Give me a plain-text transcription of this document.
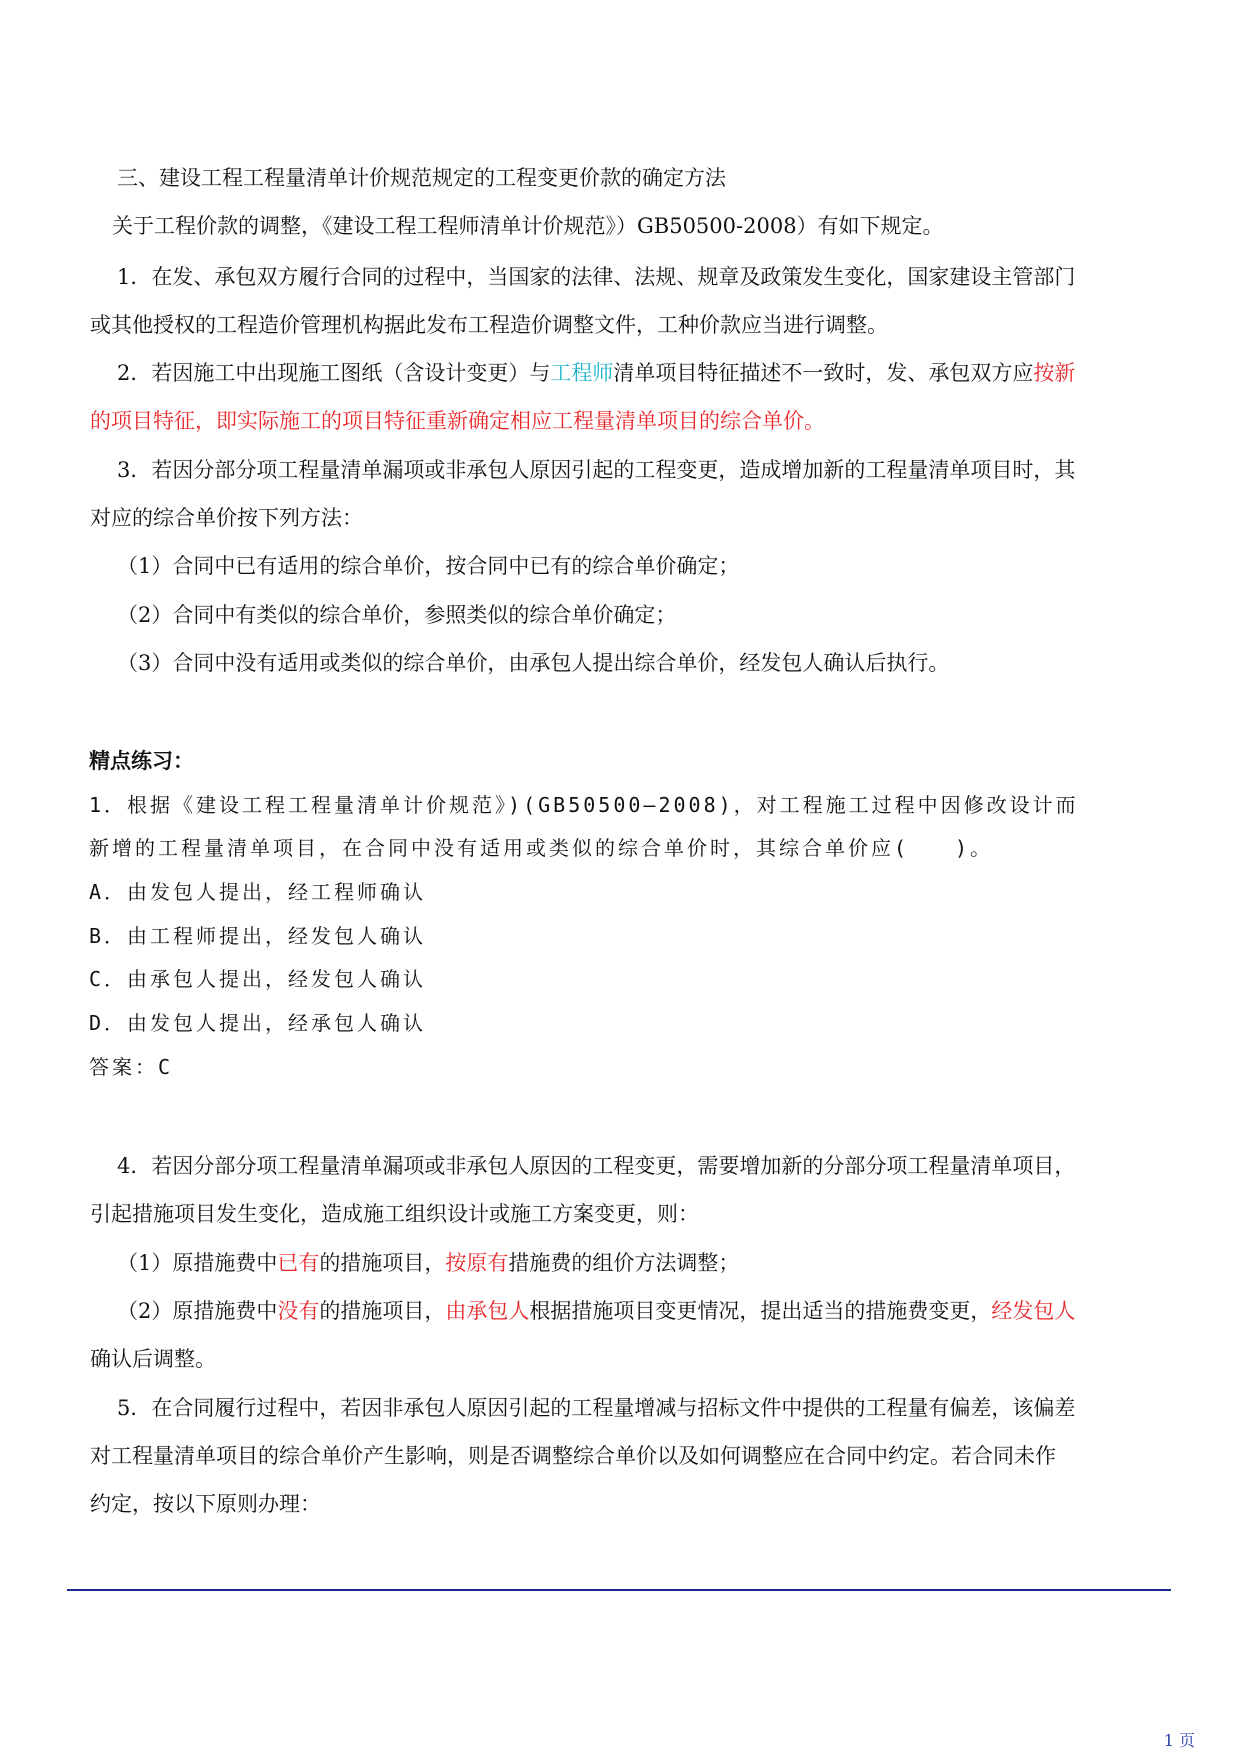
三、建设工程工程量清单计价规范规定的工程变更价款的确定方法
关于工程价款的调整，《建设工程工程师清单计价规范》）GB50500-2008）有如下规定。
1．在发、承包双方履行合同的过程中，当国家的法律、法规、规章及政策发生变化，国家建设主管部门
或其他授权的工程造价管理机构据此发布工程造价调整文件，工种价款应当进行调整。
2．若因施工中出现施工图纸（含设计变更）与工程师清单项目特征描述不一致时，发、承包双方应按新
的项目特征，即实际施工的项目特征重新确定相应工程量清单项目的综合单价。
3．若因分部分项工程量清单漏项或非承包人原因引起的工程变更，造成增加新的工程量清单项目时，其
对应的综合单价按下列方法：
（1）合同中已有适用的综合单价，按合同中已有的综合单价确定；
（2）合同中有类似的综合单价，参照类似的综合单价确定；
（3）合同中没有适用或类似的综合单价，由承包人提出综合单价，经发包人确认后执行。
精点练习：
1．根据《建设工程工程量清单计价规范》)(GB50500—2008)，对工程施工过程中因修改设计而
新增的工程量清单项目，在合同中没有适用或类似的综合单价时，其综合单价应(　　)。
A．由发包人提出，经工程师确认
B．由工程师提出，经发包人确认
C．由承包人提出，经发包人确认
D．由发包人提出，经承包人确认
答案：C
4．若因分部分项工程量清单漏项或非承包人原因的工程变更，需要增加新的分部分项工程量清单项目，
引起措施项目发生变化，造成施工组织设计或施工方案变更，则：
（1）原措施费中已有的措施项目，按原有措施费的组价方法调整；
（2）原措施费中没有的措施项目，由承包人根据措施项目变更情况，提出适当的措施费变更，经发包人
确认后调整。
5．在合同履行过程中，若因非承包人原因引起的工程量增减与招标文件中提供的工程量有偏差，该偏差
对工程量清单项目的综合单价产生影响，则是否调整综合单价以及如何调整应在合同中约定。若合同未作
约定，按以下原则办理：
1 页
